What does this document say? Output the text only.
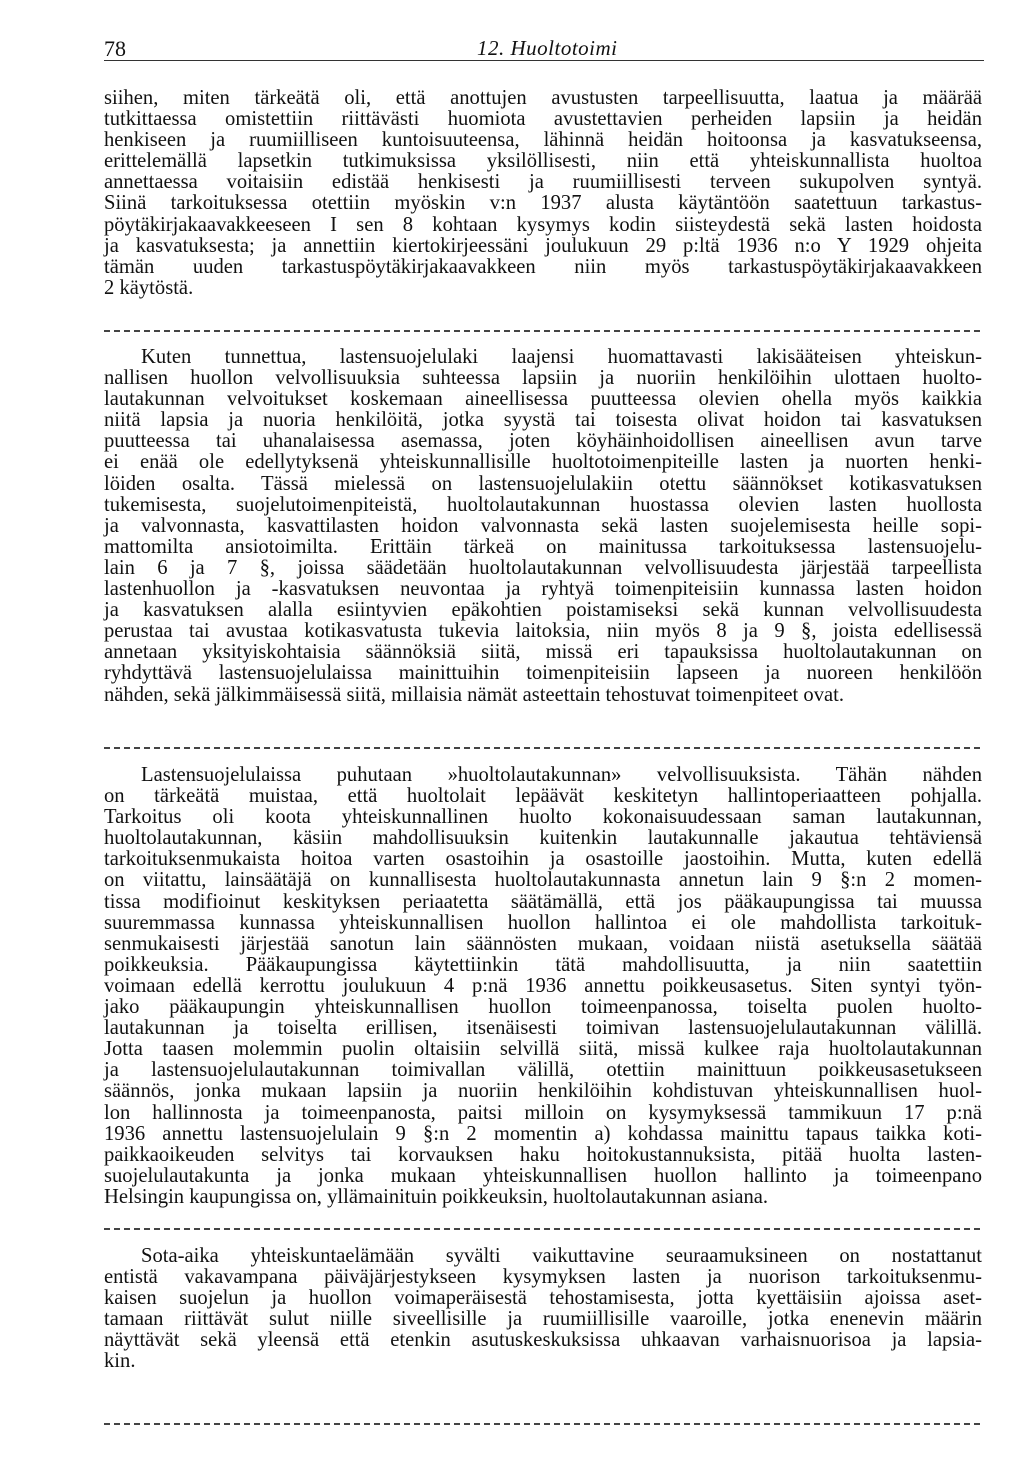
78	12. Huoltotoimi
siihen, miten tärkeätä oli, että anottujen avustusten tarpeellisuutta, laatua ja määrää
tutkittaessa omistettiin riittävästi huomiota avustettavien perheiden lapsiin ja heidän
henkiseen ja ruumiilliseen kuntoisuuteensa, lähinnä heidän hoitoonsa ja kasvatukseensa,
erittelemällä lapsetkin tutkimuksissa yksilöllisesti, niin että yhteiskunnallista huoltoa
annettaessa voitaisiin edistää henkisesti ja ruumiillisesti terveen sukupolven syntyä.
Siinä tarkoituksessa otettiin myöskin v:n 1937 alusta käytäntöön saatettuun tarkastus-
pöytäkirjakaavakkeeseen I sen 8 kohtaan kysymys kodin siisteydestä sekä lasten hoidosta
ja kasvatuksesta; ja annettiin kiertokirjeessäni joulukuun 29 p:ltä 1936 n:o Y 1929 ohjeita
tämän uuden tarkastuspöytäkirjakaavakkeen niin myös tarkastuspöytäkirjakaavakkeen
2 käytöstä.
Kuten tunnettua, lastensuojelulaki laajensi huomattavasti lakisääteisen yhteiskun-
nallisen huollon velvollisuuksia suhteessa lapsiin ja nuoriin henkilöihin ulottaen huolto-
lautakunnan velvoitukset koskemaan aineellisessa puutteessa olevien ohella myös kaikkia
niitä lapsia ja nuoria henkilöitä, jotka syystä tai toisesta olivat hoidon tai kasvatuksen
puutteessa tai uhanalaisessa asemassa, joten köyhäinhoidollisen aineellisen avun tarve
ei enää ole edellytyksenä yhteiskunnallisille huoltotoimenpiteille lasten ja nuorten henki-
löiden osalta. Tässä mielessä on lastensuojelulakiin otettu säännökset kotikasvatuksen
tukemisesta, suojelutoimenpiteistä, huoltolautakunnan huostassa olevien lasten huollosta
ja valvonnasta, kasvattilasten hoidon valvonnasta sekä lasten suojelemisesta heille sopi-
mattomilta ansiotoimilta. Erittäin tärkeä on mainitussa tarkoituksessa lastensuojelu-
lain 6 ja 7 §, joissa säädetään huoltolautakunnan velvollisuudesta järjestää tarpeellista
lastenhuollon ja -kasvatuksen neuvontaa ja ryhtyä toimenpiteisiin kunnassa lasten hoidon
ja kasvatuksen alalla esiintyvien epäkohtien poistamiseksi sekä kunnan velvollisuudesta
perustaa tai avustaa kotikasvatusta tukevia laitoksia, niin myös 8 ja 9 §, joista edellisessä
annetaan yksityiskohtaisia säännöksiä siitä, missä eri tapauksissa huoltolautakunnan on
ryhdyttävä lastensuojelulaissa mainittuihin toimenpiteisiin lapseen ja nuoreen henkilöön
nähden, sekä jälkimmäisessä siitä, millaisia nämät asteettain tehostuvat toimenpiteet ovat.
Lastensuojelulaissa puhutaan »huoltolautakunnan» velvollisuuksista. Tähän nähden
on tärkeätä muistaa, että huoltolait lepäävät keskitetyn hallintoperiaatteen pohjalla.
Tarkoitus oli koota yhteiskunnallinen huolto kokonaisuudessaan saman lautakunnan,
huoltolautakunnan, käsiin mahdollisuuksin kuitenkin lautakunnalle jakautua tehtäviensä
tarkoituksenmukaista hoitoa varten osastoihin ja osastoille jaostoihin. Mutta, kuten edellä
on viitattu, lainsäätäjä on kunnallisesta huoltolautakunnasta annetun lain 9 §:n 2 momen-
tissa modifioinut keskityksen periaatetta säätämällä, että jos pääkaupungissa tai muussa
suuremmassa kunnassa yhteiskunnallisen huollon hallintoa ei ole mahdollista tarkoituk-
senmukaisesti järjestää sanotun lain säännösten mukaan, voidaan niistä asetuksella säätää
poikkeuksia. Pääkaupungissa käytettiinkin tätä mahdollisuutta, ja niin saatettiin
voimaan edellä kerrottu joulukuun 4 p:nä 1936 annettu poikkeusasetus. Siten syntyi työn-
jako pääkaupungin yhteiskunnallisen huollon toimeenpanossa, toiselta puolen huolto-
lautakunnan ja toiselta erillisen, itsenäisesti toimivan lastensuojelulautakunnan välillä.
Jotta taasen molemmin puolin oltaisiin selvillä siitä, missä kulkee raja huoltolautakunnan
ja lastensuojelulautakunnan toimivallan välillä, otettiin mainittuun poikkeusasetukseen
säännös, jonka mukaan lapsiin ja nuoriin henkilöihin kohdistuvan yhteiskunnallisen huol-
lon hallinnosta ja toimeenpanosta, paitsi milloin on kysymyksessä tammikuun 17 p:nä
1936 annettu lastensuojelulain 9 §:n 2 momentin a) kohdassa mainittu tapaus taikka koti-
paikkaoikeuden selvitys tai korvauksen haku hoitokustannuksista, pitää huolta lasten-
suojelulautakunta ja jonka mukaan yhteiskunnallisen huollon hallinto ja toimeenpano
Helsingin kaupungissa on, yllämainituin poikkeuksin, huoltolautakunnan asiana.
Sota-aika yhteiskuntaelämään syvälti vaikuttavine seuraamuksineen on nostattanut
entistä vakavampana päiväjärjestykseen kysymyksen lasten ja nuorison tarkoituksenmu-
kaisen suojelun ja huollon voimaperäisestä tehostamisesta, jotta kyettäisiin ajoissa aset-
tamaan riittävät sulut niille siveellisille ja ruumiillisille vaaroille, jotka enenevin määrin
näyttävät sekä yleensä että etenkin asutuskeskuksissa uhkaavan varhaisnuorisoa ja lapsia-
kin.
